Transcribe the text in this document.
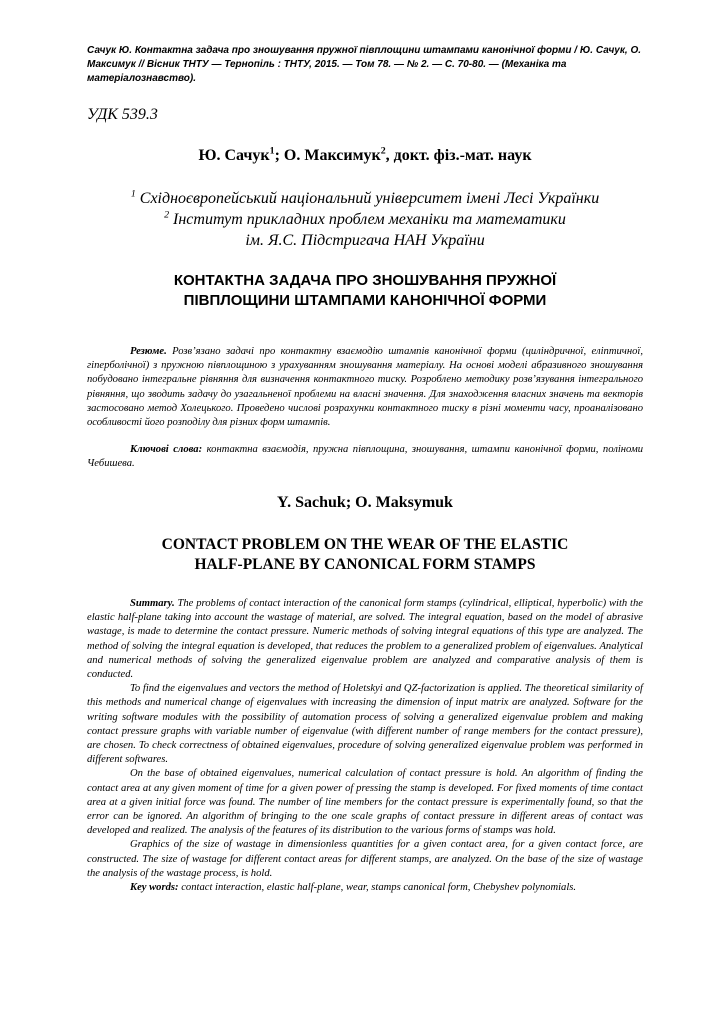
Сачук Ю. Контактна задача про зношування пружної півплощини штампами канонічної форми / Ю. Сачук, О. Максимук // Вісник ТНТУ — Тернопіль : ТНТУ, 2015. — Том 78. — № 2. — С. 70-80. — (Механіка та матеріалознавство).

УДК 539.3

Ю. Сачук$^1$; О. Максимук$^2$, докт. фіз.-мат. наук

$^1$ Східноєвропейський національний університет імені Лесі Українки
$^2$ Інститут прикладних проблем механіки та математики
ім. Я.С. Підстригача НАН України
КОНТАКТНА ЗАДАЧА ПРО ЗНОШУВАННЯ ПРУЖНОЇ
ПІВПЛОЩИНИ ШТАМПАМИ КАНОНІЧНОЇ ФОРМИ

Резюме. Розв’язано задачі про контактну взаємодію штампів канонічної форми (циліндричної, еліптичної, гіперболічної) з пружною півплощиною з урахуванням зношування матеріалу. На основі моделі абразивного зношування побудовано інтегральне рівняння для визначення контактного тиску. Розроблено методику розв’язування інтегрального рівняння, що зводить задачу до узагальненої проблеми на власні значення. Для знаходження власних значень та векторів застосовано метод Холецького. Проведено числові розрахунки контактного тиску в різні моменти часу, проаналізовано особливості його розподілу для різних форм штампів.

Ключові слова: контактна взаємодія, пружна півплощина, зношування, штампи канонічної форми, поліноми Чебишева.

Y. Sachuk; O. Maksymuk

CONTACT PROBLEM ON THE WEAR OF THE ELASTIC
HALF-PLANE BY CANONICAL FORM STAMPS

Summary. The problems of contact interaction of the canonical form stamps (cylindrical, elliptical, hyperbolic) with the elastic half-plane taking into account the wastage of material, are solved. The integral equation, based on the model of abrasive wastage, is made to determine the contact pressure. Numeric methods of solving integral equations of this type are analyzed. The method of solving the integral equation is developed, that reduces the problem to a generalized problem of eigenvalues. Analytical and numerical methods of solving the generalized eigenvalue problem are analyzed and comparative analysis of them is conducted.

To find the eigenvalues and vectors the method of Holetskyi and QZ-factorization is applied. The theoretical similarity of this methods and numerical change of eigenvalues with increasing the dimension of input matrix are analyzed. Software for the writing software modules with the possibility of automation process of solving a generalized eigenvalue problem and making contact pressure graphs with variable number of eigenvalue (with different number of range members for the contact pressure), are chosen. To check correctness of obtained eigenvalues, procedure of solving generalized eigenvalue problem was performed in different softwares.

On the base of obtained eigenvalues, numerical calculation of contact pressure is hold. An algorithm of finding the contact area at any given moment of time for a given power of pressing the stamp is developed. For fixed moments of time contact area at a given initial force was found. The number of line members for the contact pressure is experimentally found, so that the error can be ignored. An algorithm of bringing to the one scale graphs of contact pressure in different areas of contact was developed and realized. The analysis of the features of its distribution to the various forms of stamps was hold.

Graphics of the size of wastage in dimensionless quantities for a given contact area, for a given contact force, are constructed. The size of wastage for different contact areas for different stamps, are analyzed. On the base of the size of wastage the analysis of the wastage process, is hold.

Key words: contact interaction, elastic half-plane, wear, stamps canonical form, Chebyshev polynomials.
